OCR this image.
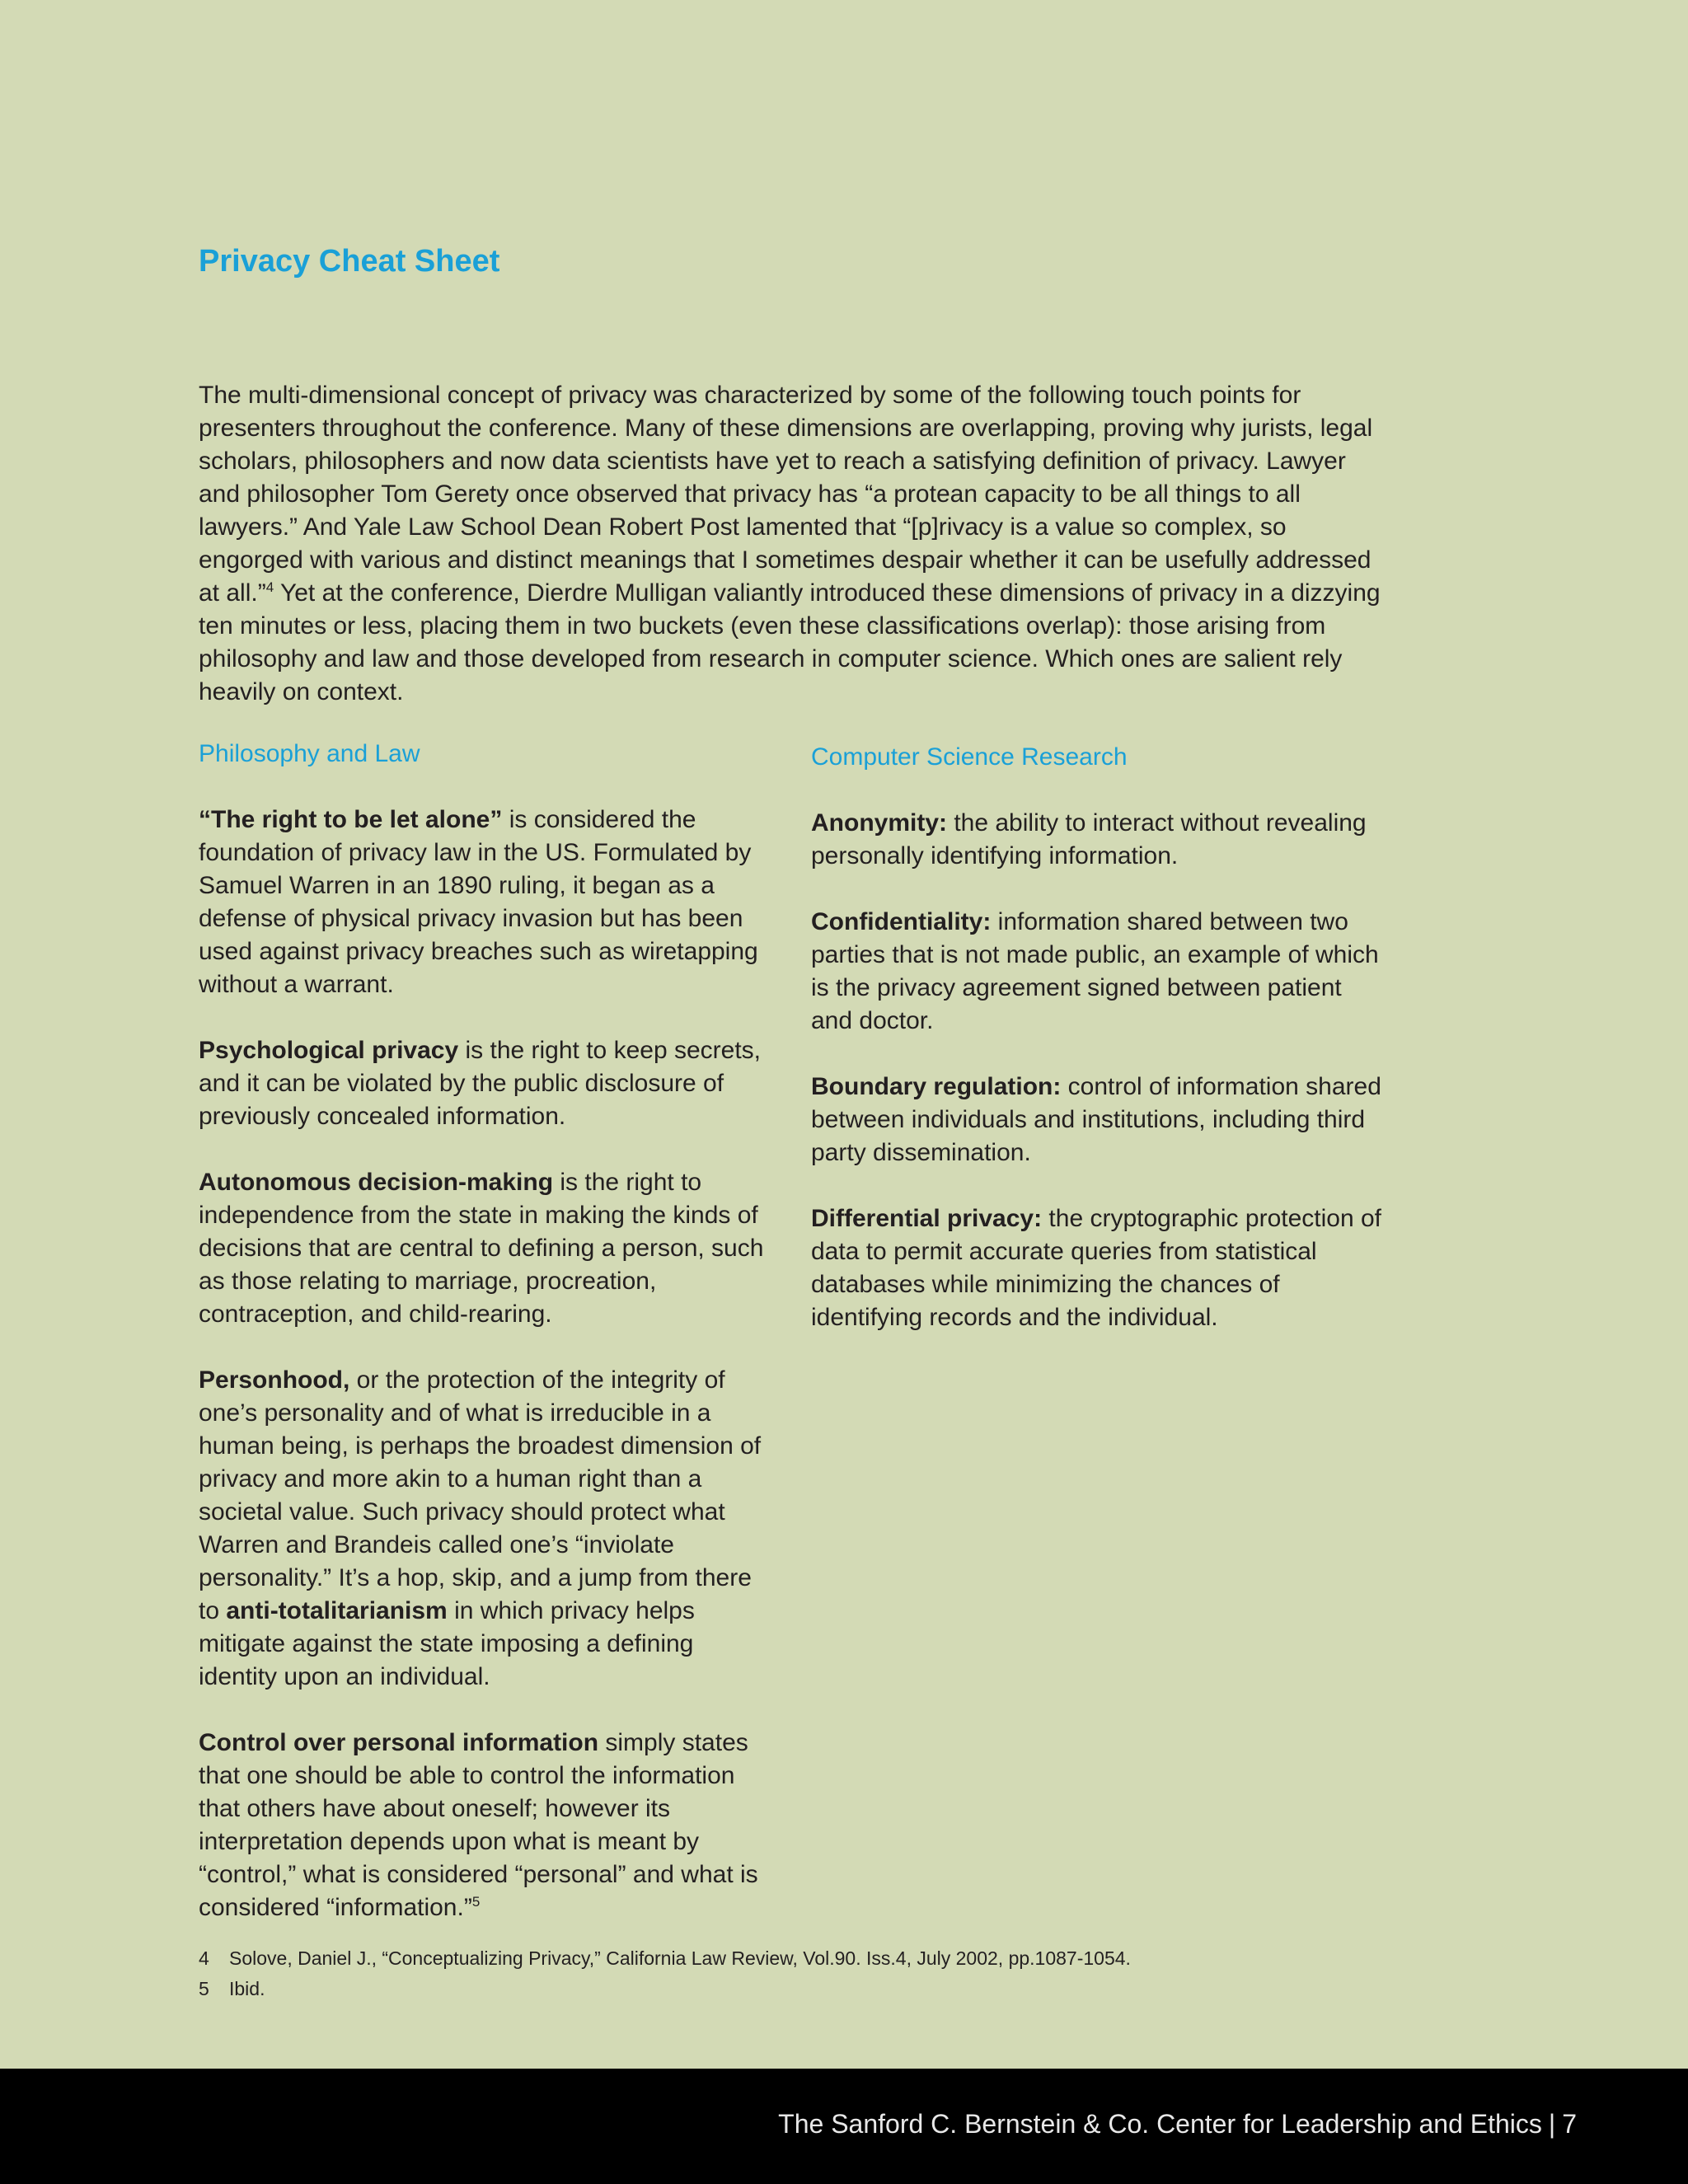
Privacy Cheat Sheet

The multi-dimensional concept of privacy was characterized by some of the following touch points for presenters throughout the conference. Many of these dimensions are overlapping, proving why jurists, legal scholars, philosophers and now data scientists have yet to reach a satisfying definition of privacy. Lawyer and philosopher Tom Gerety once observed that privacy has “a protean capacity to be all things to all lawyers.” And Yale Law School Dean Robert Post lamented that “[p]rivacy is a value so complex, so engorged with various and distinct meanings that I sometimes despair whether it can be usefully addressed at all.”$^4$ Yet at the conference, Dierdre Mulligan valiantly introduced these dimensions of privacy in a dizzying ten minutes or less, placing them in two buckets (even these classifications overlap): those arising from philosophy and law and those developed from research in computer science. Which ones are salient rely heavily on context.

Philosophy and Law

“The right to be let alone” is considered the foundation of privacy law in the US. Formulated by Samuel Warren in an 1890 ruling, it began as a defense of physical privacy invasion but has been used against privacy breaches such as wiretapping without a warrant.

Psychological privacy is the right to keep secrets, and it can be violated by the public disclosure of previously concealed information.

Autonomous decision-making is the right to independence from the state in making the kinds of decisions that are central to defining a person, such as those relating to marriage, procreation, contraception, and child-rearing.

Personhood, or the protection of the integrity of one’s personality and of what is irreducible in a human being, is perhaps the broadest dimension of privacy and more akin to a human right than a societal value. Such privacy should protect what Warren and Brandeis called one’s “inviolate personality.” It’s a hop, skip, and a jump from there to anti-totalitarianism in which privacy helps mitigate against the state imposing a defining identity upon an individual.

Control over personal information simply states that one should be able to control the information that others have about oneself; however its interpretation depends upon what is meant by “control,” what is considered “personal” and what is considered “information.”$^5$

Computer Science Research

Anonymity: the ability to interact without revealing personally identifying information.

Confidentiality: information shared between two parties that is not made public, an example of which is the privacy agreement signed between patient and doctor.

Boundary regulation: control of information shared between individuals and institutions, including third party dissemination.

Differential privacy: the cryptographic protection of data to permit accurate queries from statistical databases while minimizing the chances of identifying records and the individual.

4 Solove, Daniel J., “Conceptualizing Privacy,” California Law Review, Vol.90. Iss.4, July 2002, pp.1087-1054.
5 Ibid.
The Sanford C. Bernstein & Co. Center for Leadership and Ethics | 7
